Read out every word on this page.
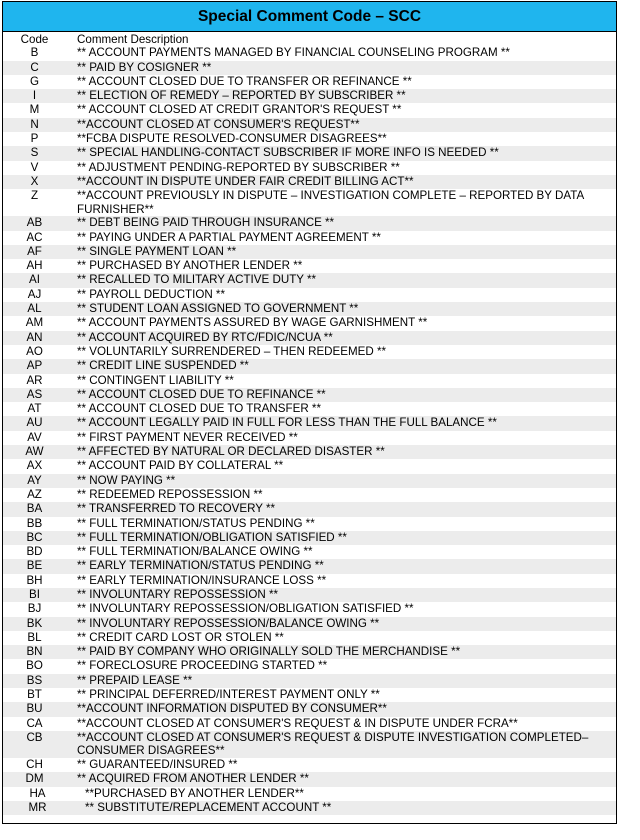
Special Comment Code – SCC
Code	Comment Description
B	** ACCOUNT PAYMENTS MANAGED BY FINANCIAL COUNSELING PROGRAM **
C	** PAID BY COSIGNER **
G	** ACCOUNT CLOSED DUE TO TRANSFER OR REFINANCE **
I	** ELECTION OF REMEDY – REPORTED BY SUBSCRIBER **
M	** ACCOUNT CLOSED AT CREDIT GRANTOR'S REQUEST **
N	**ACCOUNT CLOSED AT CONSUMER'S REQUEST**
P	**FCBA DISPUTE RESOLVED-CONSUMER DISAGREES**
S	** SPECIAL HANDLING-CONTACT SUBSCRIBER IF MORE INFO IS NEEDED **
V	** ADJUSTMENT PENDING-REPORTED BY SUBSCRIBER **
X	**ACCOUNT IN DISPUTE UNDER FAIR CREDIT BILLING ACT**
Z	**ACCOUNT PREVIOUSLY IN DISPUTE – INVESTIGATION COMPLETE – REPORTED BY DATA FURNISHER**
AB	** DEBT BEING PAID THROUGH INSURANCE **
AC	** PAYING UNDER A PARTIAL PAYMENT AGREEMENT **
AF	** SINGLE PAYMENT LOAN **
AH	** PURCHASED BY ANOTHER LENDER **
AI	** RECALLED TO MILITARY ACTIVE DUTY **
AJ	** PAYROLL DEDUCTION **
AL	** STUDENT LOAN ASSIGNED TO GOVERNMENT **
AM	** ACCOUNT PAYMENTS ASSURED BY WAGE GARNISHMENT **
AN	** ACCOUNT ACQUIRED BY RTC/FDIC/NCUA **
AO	** VOLUNTARILY SURRENDERED – THEN REDEEMED **
AP	** CREDIT LINE SUSPENDED **
AR	** CONTINGENT LIABILITY **
AS	** ACCOUNT CLOSED DUE TO REFINANCE **
AT	** ACCOUNT CLOSED DUE TO TRANSFER **
AU	** ACCOUNT LEGALLY PAID IN FULL FOR LESS THAN THE FULL BALANCE **
AV	** FIRST PAYMENT NEVER RECEIVED **
AW	** AFFECTED BY NATURAL OR DECLARED DISASTER **
AX	** ACCOUNT PAID BY COLLATERAL **
AY	** NOW PAYING **
AZ	** REDEEMED REPOSSESSION **
BA	** TRANSFERRED TO RECOVERY **
BB	** FULL TERMINATION/STATUS PENDING **
BC	** FULL TERMINATION/OBLIGATION SATISFIED **
BD	** FULL TERMINATION/BALANCE OWING **
BE	** EARLY TERMINATION/STATUS PENDING **
BH	** EARLY TERMINATION/INSURANCE LOSS **
BI	** INVOLUNTARY REPOSSESSION **
BJ	** INVOLUNTARY REPOSSESSION/OBLIGATION SATISFIED **
BK	** INVOLUNTARY REPOSSESSION/BALANCE OWING **
BL	** CREDIT CARD LOST OR STOLEN **
BN	** PAID BY COMPANY WHO ORIGINALLY SOLD THE MERCHANDISE **
BO	** FORECLOSURE PROCEEDING STARTED **
BS	** PREPAID LEASE **
BT	** PRINCIPAL DEFERRED/INTEREST PAYMENT ONLY **
BU	**ACCOUNT INFORMATION DISPUTED BY CONSUMER**
CA	**ACCOUNT CLOSED AT CONSUMER'S REQUEST & IN DISPUTE UNDER FCRA**
CB	**ACCOUNT CLOSED AT CONSUMER'S REQUEST & DISPUTE INVESTIGATION COMPLETED– CONSUMER DISAGREES**
CH	** GUARANTEED/INSURED **
DM	** ACQUIRED FROM ANOTHER LENDER **
HA	**PURCHASED BY ANOTHER LENDER**
MR	** SUBSTITUTE/REPLACEMENT ACCOUNT **
